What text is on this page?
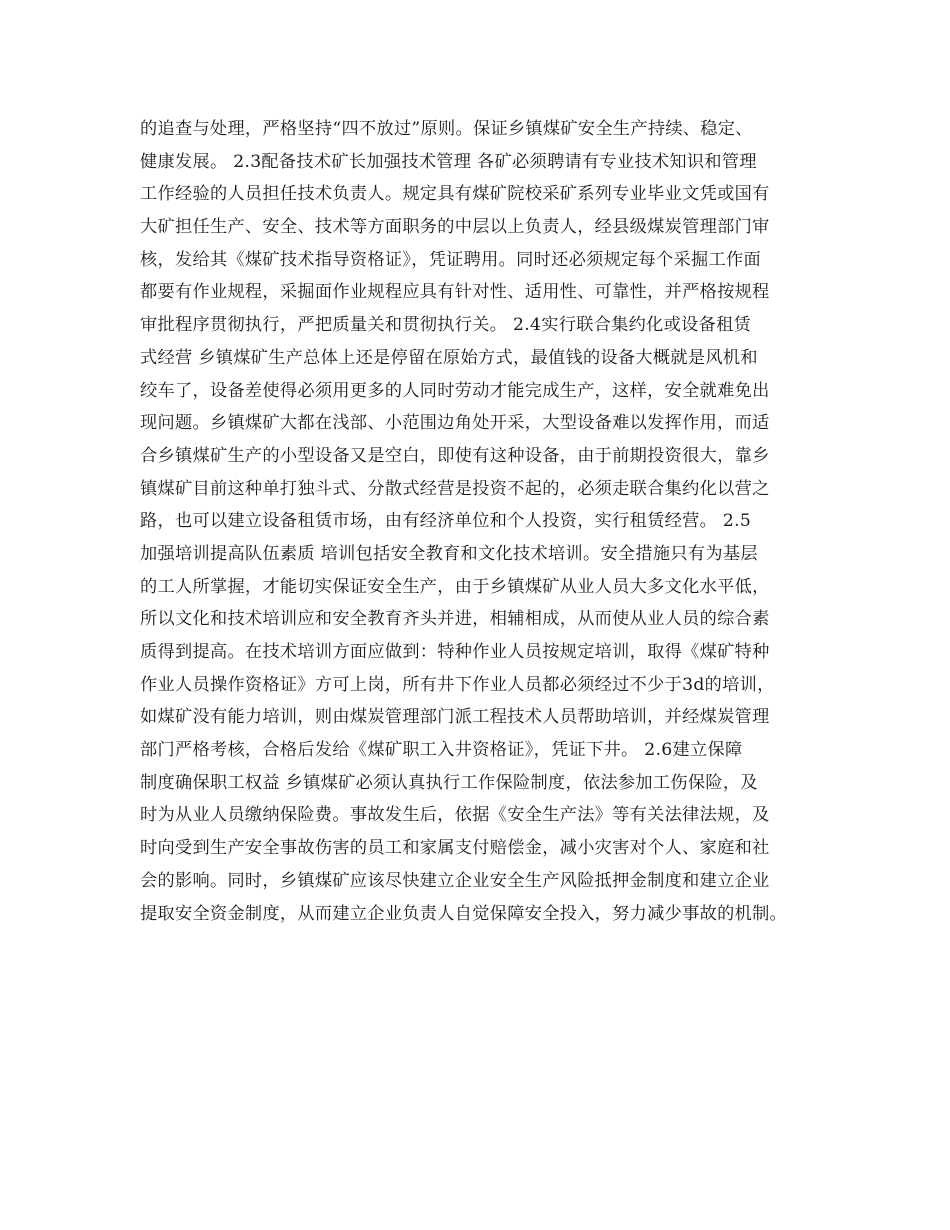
的追查与处理，严格坚持“四不放过”原则。保证乡镇煤矿安全生产持续、稳定、
健康发展。 2.3配备技术矿长加强技术管理 各矿必须聘请有专业技术知识和管理
工作经验的人员担任技术负责人。规定具有煤矿院校采矿系列专业毕业文凭或国有
大矿担任生产、安全、技术等方面职务的中层以上负责人，经县级煤炭管理部门审
核，发给其《煤矿技术指导资格证》，凭证聘用。同时还必须规定每个采掘工作面
都要有作业规程，采掘面作业规程应具有针对性、适用性、可靠性，并严格按规程
审批程序贯彻执行，严把质量关和贯彻执行关。 2.4实行联合集约化或设备租赁
式经营 乡镇煤矿生产总体上还是停留在原始方式，最值钱的设备大概就是风机和
绞车了，设备差使得必须用更多的人同时劳动才能完成生产，这样，安全就难免出
现问题。乡镇煤矿大都在浅部、小范围边角处开采，大型设备难以发挥作用，而适
合乡镇煤矿生产的小型设备又是空白，即使有这种设备，由于前期投资很大，靠乡
镇煤矿目前这种单打独斗式、分散式经营是投资不起的，必须走联合集约化以营之
路，也可以建立设备租赁市场，由有经济单位和个人投资，实行租赁经营。 2.5
加强培训提高队伍素质 培训包括安全教育和文化技术培训。安全措施只有为基层
的工人所掌握，才能切实保证安全生产，由于乡镇煤矿从业人员大多文化水平低，
所以文化和技术培训应和安全教育齐头并进，相辅相成，从而使从业人员的综合素
质得到提高。在技术培训方面应做到：特种作业人员按规定培训，取得《煤矿特种
作业人员操作资格证》方可上岗，所有井下作业人员都必须经过不少于3d的培训，
如煤矿没有能力培训，则由煤炭管理部门派工程技术人员帮助培训，并经煤炭管理
部门严格考核，合格后发给《煤矿职工入井资格证》，凭证下井。 2.6建立保障
制度确保职工权益 乡镇煤矿必须认真执行工作保险制度，依法参加工伤保险，及
时为从业人员缴纳保险费。事故发生后，依据《安全生产法》等有关法律法规，及
时向受到生产安全事故伤害的员工和家属支付赔偿金，减小灾害对个人、家庭和社
会的影响。同时，乡镇煤矿应该尽快建立企业安全生产风险抵押金制度和建立企业
提取安全资金制度，从而建立企业负责人自觉保障安全投入，努力减少事故的机制。
